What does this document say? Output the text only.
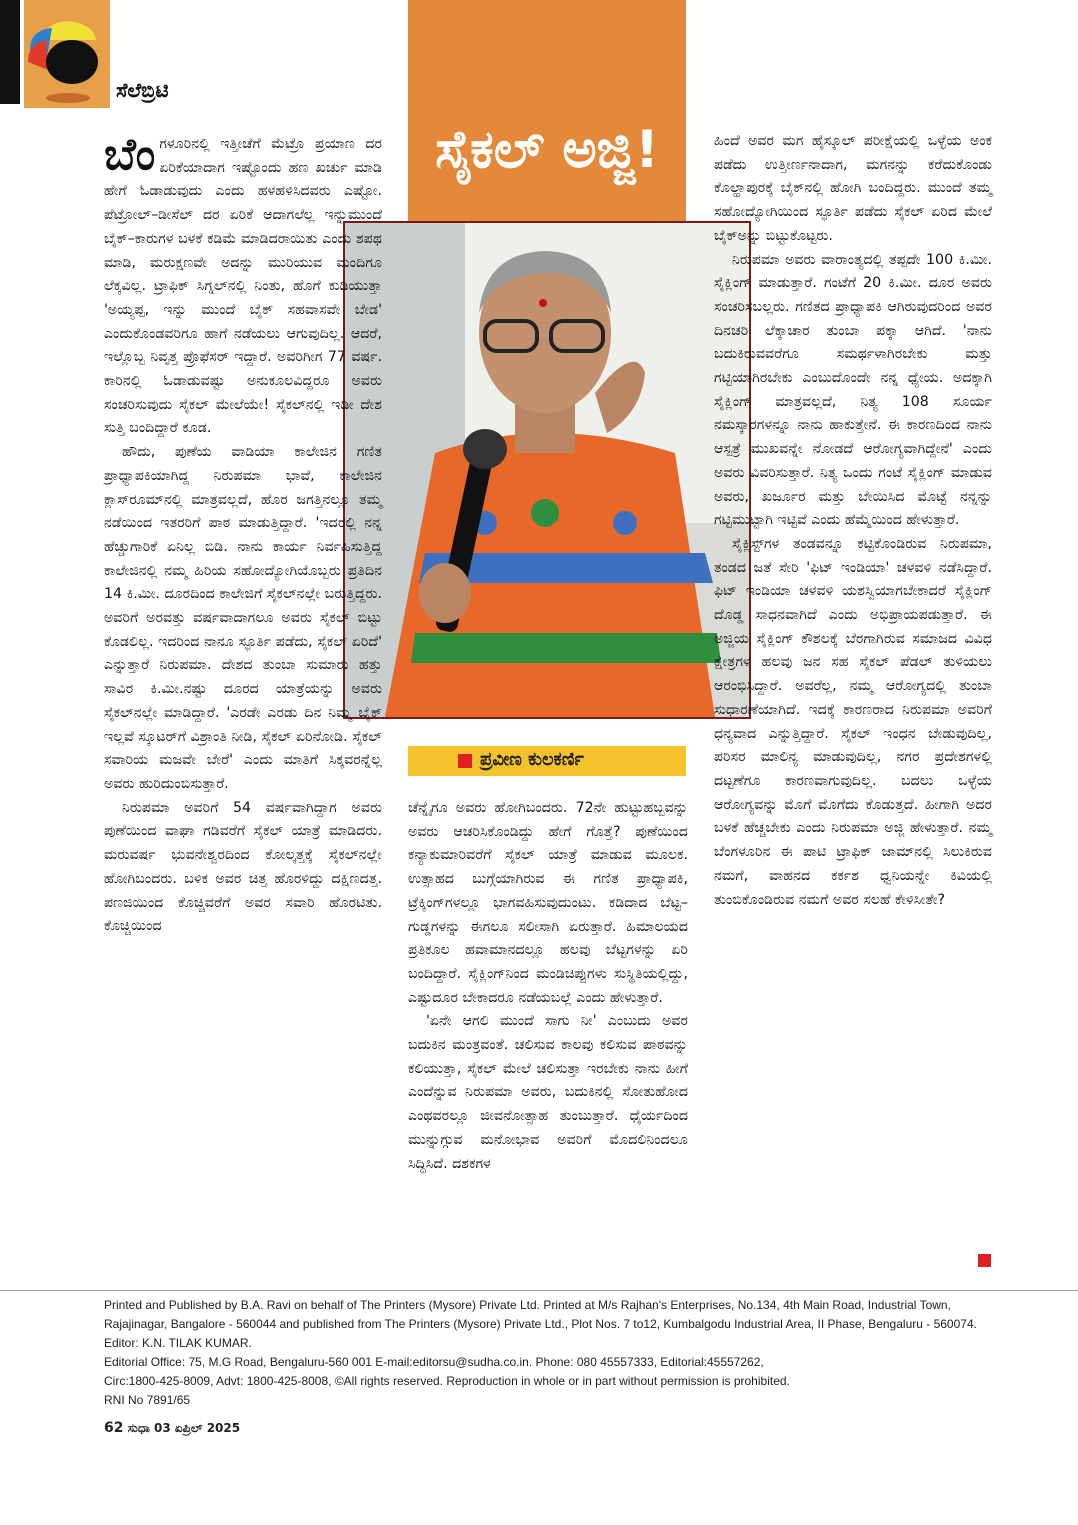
ಸೆಲೆಬ್ರಿಟಿ
ಸೈಕಲ್ ಅಜ್ಜಿ!
ಪ್ರವೀಣ ಕುಲಕರ್ಣಿ

ಬೆಂಗಳೂರಿನಲ್ಲಿ ಇತ್ತೀಚೆಗೆ ಮೆಟ್ರೊ ಪ್ರಯಾಣ ದರ ಏರಿಕೆಯಾದಾಗ ಇಷ್ಟೊಂದು ಹಣ ಖರ್ಚು ಮಾಡಿ ಹೇಗೆ ಓಡಾಡುವುದು ಎಂದು ಹಳಹಳಿಸಿದವರು ಎಷ್ಟೋ. ಪೆಟ್ರೋಲ್–ಡೀಸೆಲ್ ದರ ಏರಿಕೆ ಆದಾಗಲೆಲ್ಲ ಇನ್ನುಮುಂದೆ ಬೈಕ್–ಕಾರುಗಳ ಬಳಕೆ ಕಡಿಮೆ ಮಾಡಿದರಾಯಿತು ಎಂದು ಶಪಥ ಮಾಡಿ, ಮರುಕ್ಷಣವೇ ಅದನ್ನು ಮುರಿಯುವ ಮಂದಿಗೂ ಲೆಕ್ಕವಿಲ್ಲ. ಟ್ರಾಫಿಕ್ ಸಿಗ್ನಲ್‌ನಲ್ಲಿ ನಿಂತು, ಹೊಗೆ ಕುಡಿಯುತ್ತಾ 'ಅಯ್ಯಪ್ಪ, ಇನ್ನು ಮುಂದೆ ಬೈಕ್ ಸಹವಾಸವೇ ಬೇಡ' ಎಂದುಕೊಂಡವರಿಗೂ ಹಾಗೆ ನಡೆಯಲು ಆಗುವುದಿಲ್ಲ. ಆದರೆ, ಇಲ್ಲೊಬ್ಬ ನಿವೃತ್ತ ಪ್ರೊಫೆಸರ್ ಇದ್ದಾರೆ. ಅವರಿಗೀಗ 77 ವರ್ಷ. ಕಾರಿನಲ್ಲಿ ಓಡಾಡುವಷ್ಟು ಅನುಕೂಲವಿದ್ದರೂ ಅವರು ಸಂಚರಿಸುವುದು ಸೈಕಲ್ ಮೇಲೆಯೇ! ಸೈಕಲ್‌ನಲ್ಲಿ ಇಡೀ ದೇಶ ಸುತ್ತಿ ಬಂದಿದ್ದಾರೆ ಕೂಡ.

ಹೌದು, ಪುಣೆಯ ವಾಡಿಯಾ ಕಾಲೇಜಿನ ಗಣಿತ ಪ್ರಾಧ್ಯಾಪಕಿಯಾಗಿದ್ದ ನಿರುಪಮಾ ಭಾವೆ, ಕಾಲೇಜಿನ ಕ್ಲಾಸ್‌ರೂಮ್‌ನಲ್ಲಿ ಮಾತ್ರವಲ್ಲದೆ, ಹೊರ ಜಗತ್ತಿನಲ್ಲೂ ತಮ್ಮ ನಡೆಯಿಂದ ಇತರರಿಗೆ ಪಾಠ ಮಾಡುತ್ತಿದ್ದಾರೆ. 'ಇದರಲ್ಲಿ ನನ್ನ ಹೆಚ್ಚುಗಾರಿಕೆ ಏನಿಲ್ಲ ಬಿಡಿ. ನಾನು ಕಾರ್ಯ ನಿರ್ವಹಿಸುತ್ತಿದ್ದ ಕಾಲೇಜಿನಲ್ಲಿ ನಮ್ಮ ಹಿರಿಯ ಸಹೋದ್ಯೋಗಿಯೊಬ್ಬರು ಪ್ರತಿದಿನ 14 ಕಿ.ಮೀ. ದೂರದಿಂದ ಕಾಲೇಜಿಗೆ ಸೈಕಲ್‌ನಲ್ಲೇ ಬರುತ್ತಿದ್ದರು. ಅವರಿಗೆ ಅರವತ್ತು ವರ್ಷವಾದಾಗಲೂ ಅವರು ಸೈಕಲ್ ಬಿಟ್ಟು ಕೊಡಲಿಲ್ಲ. ಇದರಿಂದ ನಾನೂ ಸ್ಫೂರ್ತಿ ಪಡೆದು, ಸೈಕಲ್ ಏರಿದೆ' ಎನ್ನುತ್ತಾರೆ ನಿರುಪಮಾ. ದೇಶದ ತುಂಬಾ ಸುಮಾರು ಹತ್ತು ಸಾವಿರ ಕಿ.ಮೀ.ನಷ್ಟು ದೂರದ ಯಾತ್ರೆಯನ್ನು ಅವರು ಸೈಕಲ್‌ನಲ್ಲೇ ಮಾಡಿದ್ದಾರೆ. 'ಎರಡೇ ಎರಡು ದಿನ ನಿಮ್ಮ ಬೈಕ್ ಇಲ್ಲವೆ ಸ್ಕೂಟರ್‌ಗೆ ವಿಶ್ರಾಂತಿ ನೀಡಿ, ಸೈಕಲ್ ಏರಿನೋಡಿ. ಸೈಕಲ್ ಸವಾರಿಯ ಮಜವೇ ಬೇರೆ' ಎಂದು ಮಾತಿಗೆ ಸಿಕ್ಕವರನ್ನೆಲ್ಲ ಅವರು ಹುರಿದುಂಬಿಸುತ್ತಾರೆ.

ನಿರುಪಮಾ ಅವರಿಗೆ 54 ವರ್ಷವಾಗಿದ್ದಾಗ ಅವರು ಪುಣೆಯಿಂದ ವಾಘಾ ಗಡಿವರೆಗೆ ಸೈಕಲ್ ಯಾತ್ರೆ ಮಾಡಿದರು. ಮರುವರ್ಷ ಭುವನೇಶ್ವರದಿಂದ ಕೋಲ್ಕತ್ತಕ್ಕೆ ಸೈಕಲ್‌ನಲ್ಲೇ ಹೋಗಿಬಂದರು. ಬಳಿಕ ಅವರ ಚಿತ್ತ ಹೊರಳಿದ್ದು ದಕ್ಷಿಣದತ್ತ. ಪಣಜಿಯಿಂದ ಕೊಚ್ಚಿವರೆಗೆ ಅವರ ಸವಾರಿ ಹೊರಟಿತು. ಕೊಚ್ಚಿಯಿಂದ

ಚೆನ್ನೈಗೂ ಅವರು ಹೋಗಿಬಂದರು. 72ನೇ ಹುಟ್ಟುಹಬ್ಬವನ್ನು ಅವರು ಆಚರಿಸಿಕೊಂಡಿದ್ದು ಹೇಗೆ ಗೊತ್ತೆ? ಪುಣೆಯಿಂದ ಕನ್ಯಾಕುಮಾರಿವರೆಗೆ ಸೈಕಲ್ ಯಾತ್ರೆ ಮಾಡುವ ಮೂಲಕ. ಉತ್ಸಾಹದ ಬುಗ್ಗೆಯಾಗಿರುವ ಈ ಗಣಿತ ಪ್ರಾಧ್ಯಾಪಕಿ, ಟ್ರೆಕ್ಕಿಂಗ್‌ಗಳಲ್ಲೂ ಭಾಗವಹಿಸುವುದುಂಟು. ಕಡಿದಾದ ಬೆಟ್ಟ–ಗುಡ್ಡಗಳನ್ನು ಈಗಲೂ ಸಲೀಸಾಗಿ ಏರುತ್ತಾರೆ. ಹಿಮಾಲಯದ ಪ್ರತಿಕೂಲ ಹವಾಮಾನದಲ್ಲೂ ಹಲವು ಬೆಟ್ಟಗಳನ್ನು ಏರಿ ಬಂದಿದ್ದಾರೆ. ಸೈಕ್ಲಿಂಗ್‌ನಿಂದ ಮಂಡಿಚಿಪ್ಪುಗಳು ಸುಸ್ಥಿತಿಯಲ್ಲಿದ್ದು, ಎಷ್ಟುದೂರ ಬೇಕಾದರೂ ನಡೆಯಬಲ್ಲೆ ಎಂದು ಹೇಳುತ್ತಾರೆ.

'ಏನೇ ಆಗಲಿ ಮುಂದೆ ಸಾಗು ನೀ' ಎಂಬುದು ಅವರ ಬದುಕಿನ ಮಂತ್ರವಂತೆ. ಚಲಿಸುವ ಕಾಲವು ಕಲಿಸುವ ಪಾಠವನ್ನು ಕಲಿಯುತ್ತಾ, ಸೈಕಲ್ ಮೇಲೆ ಚಲಿಸುತ್ತಾ ಇರಬೇಕು ನಾನು ಹೀಗೆ ಎಂದೆನ್ನುವ ನಿರುಪಮಾ ಅವರು, ಬದುಕಿನಲ್ಲಿ ಸೋತುಹೋದ ಎಂಥವರಲ್ಲೂ ಜೀವನೋತ್ಸಾಹ ತುಂಬುತ್ತಾರೆ. ಧೈರ್ಯದಿಂದ ಮುನ್ನುಗ್ಗುವ ಮನೋಭಾವ ಅವರಿಗೆ ಮೊದಲಿನಿಂದಲೂ ಸಿದ್ಧಿಸಿದೆ. ದಶಕಗಳ

ಹಿಂದೆ ಅವರ ಮಗ ಹೈಸ್ಕೂಲ್ ಪರೀಕ್ಷೆಯಲ್ಲಿ ಒಳ್ಳೆಯ ಅಂಕ ಪಡೆದು ಉತ್ತೀರ್ಣನಾದಾಗ, ಮಗನನ್ನು ಕರೆದುಕೊಂಡು ಕೊಲ್ಹಾಪುರಕ್ಕೆ ಬೈಕ್‌ನಲ್ಲಿ ಹೋಗಿ ಬಂದಿದ್ದರು. ಮುಂದೆ ತಮ್ಮ ಸಹೋದ್ಯೋಗಿಯಿಂದ ಸ್ಫೂರ್ತಿ ಪಡೆದು ಸೈಕಲ್ ಏರಿದ ಮೇಲೆ ಬೈಕ್‌ಅನ್ನು ಬಿಟ್ಟುಕೊಟ್ಟರು.

ನಿರುಪಮಾ ಅವರು ವಾರಾಂತ್ಯದಲ್ಲಿ ತಪ್ಪದೇ 100 ಕಿ.ಮೀ. ಸೈಕ್ಲಿಂಗ್ ಮಾಡುತ್ತಾರೆ. ಗಂಟೆಗೆ 20 ಕಿ.ಮೀ. ದೂರ ಅವರು ಸಂಚರಿಸಬಲ್ಲರು. ಗಣಿತದ ಪ್ರಾಧ್ಯಾಪಕಿ ಆಗಿರುವುದರಿಂದ ಅವರ ದಿನಚರಿ ಲೆಕ್ಕಾಚಾರ ತುಂಬಾ ಪಕ್ಕಾ ಆಗಿದೆ. 'ನಾನು ಬದುಕಿರುವವರೆಗೂ ಸಮರ್ಥಳಾಗಿರಬೇಕು ಮತ್ತು ಗಟ್ಟಿಯಾಗಿರಬೇಕು ಎಂಬುದೊಂದೇ ನನ್ನ ಧ್ಯೇಯ. ಅದಕ್ಕಾಗಿ ಸೈಕ್ಲಿಂಗ್ ಮಾತ್ರವಲ್ಲದೆ, ನಿತ್ಯ 108 ಸೂರ್ಯ ನಮಸ್ಕಾರಗಳನ್ನೂ ನಾನು ಹಾಕುತ್ತೇನೆ. ಈ ಕಾರಣದಿಂದ ನಾನು ಆಸ್ಪತ್ರೆ ಮುಖವನ್ನೇ ನೋಡದೆ ಆರೋಗ್ಯವಾಗಿದ್ದೇನೆ' ಎಂದು ಅವರು ವಿವರಿಸುತ್ತಾರೆ. ನಿತ್ಯ ಒಂದು ಗಂಟೆ ಸೈಕ್ಲಿಂಗ್ ಮಾಡುವ ಅವರು, ಖರ್ಜೂರ ಮತ್ತು ಬೇಯಿಸಿದ ಮೊಟ್ಟೆ ನನ್ನನ್ನು ಗಟ್ಟಿಮುಟ್ಟಾಗಿ ಇಟ್ಟಿವೆ ಎಂದು ಹೆಮ್ಮೆಯಿಂದ ಹೇಳುತ್ತಾರೆ.

ಸೈಕ್ಲಿಸ್ಟ್‌ಗಳ ತಂಡವನ್ನೂ ಕಟ್ಟಿಕೊಂಡಿರುವ ನಿರುಪಮಾ, ತಂಡದ ಜತೆ ಸೇರಿ 'ಫಿಟ್ ಇಂಡಿಯಾ' ಚಳವಳಿ ನಡೆಸಿದ್ದಾರೆ. ಫಿಟ್ ಇಂಡಿಯಾ ಚಳವಳಿ ಯಶಸ್ವಿಯಾಗಬೇಕಾದರೆ ಸೈಕ್ಲಿಂಗ್ ದೊಡ್ಡ ಸಾಧನವಾಗಿದೆ ಎಂದು ಅಭಿಪ್ರಾಯಪಡುತ್ತಾರೆ. ಈ ಅಜ್ಜಿಯ ಸೈಕ್ಲಿಂಗ್ ಕೌಶಲಕ್ಕೆ ಬೆರಗಾಗಿರುವ ಸಮಾಜದ ವಿವಿಧ ಕ್ಷೇತ್ರಗಳ ಹಲವು ಜನ ಸಹ ಸೈಕಲ್ ಪೆಡಲ್ ತುಳಿಯಲು ಆರಂಭಿಸಿದ್ದಾರೆ. ಅವರೆಲ್ಲ, ನಮ್ಮ ಆರೋಗ್ಯದಲ್ಲಿ ತುಂಬಾ ಸುಧಾರಣೆಯಾಗಿದೆ. ಇದಕ್ಕೆ ಕಾರಣರಾದ ನಿರುಪಮಾ ಅವರಿಗೆ ಧನ್ಯವಾದ ಎನ್ನುತ್ತಿದ್ದಾರೆ. ಸೈಕಲ್ ಇಂಧನ ಬೇಡುವುದಿಲ್ಲ, ಪರಿಸರ ಮಾಲಿನ್ಯ ಮಾಡುವುದಿಲ್ಲ, ನಗರ ಪ್ರದೇಶಗಳಲ್ಲಿ ದಟ್ಟಣೆಗೂ ಕಾರಣವಾಗುವುದಿಲ್ಲ. ಬದಲು ಒಳ್ಳೆಯ ಆರೋಗ್ಯವನ್ನು ಮೊಗೆ ಮೊಗೆದು ಕೊಡುತ್ತದೆ. ಹೀಗಾಗಿ ಅದರ ಬಳಕೆ ಹೆಚ್ಚಬೇಕು ಎಂದು ನಿರುಪಮಾ ಅಜ್ಜಿ ಹೇಳುತ್ತಾರೆ. ನಮ್ಮ ಬೆಂಗಳೂರಿನ ಈ ಪಾಟಿ ಟ್ರಾಫಿಕ್ ಜಾಮ್‌ನಲ್ಲಿ ಸಿಲುಕಿರುವ ನಮಗೆ, ವಾಹನದ ಕರ್ಕಶ ಧ್ವನಿಯನ್ನೇ ಕಿವಿಯಲ್ಲಿ ತುಂಬಿಕೊಂಡಿರುವ ನಮಗೆ ಅವರ ಸಲಹೆ ಕೇಳಿಸೀತೇ?

Printed and Published by B.A. Ravi on behalf of The Printers (Mysore) Private Ltd. Printed at M/s Rajhan's Enterprises, No.134, 4th Main Road, Industrial Town, Rajajinagar, Bangalore - 560044 and published from The Printers (Mysore) Private Ltd., Plot Nos. 7 to12, Kumbalgodu Industrial Area, II Phase, Bengaluru - 560074. Editor: K.N. TILAK KUMAR.

Editorial Office: 75, M.G Road, Bengaluru-560 001 E-mail:editorsu@sudha.co.in. Phone: 080 45557333, Editorial:45557262,

Circ:1800-425-8009, Advt: 1800-425-8008, ©All rights reserved. Reproduction in whole or in part without permission is prohibited.

RNI No 7891/65

62 ಸುಧಾ 03 ಏಪ್ರಿಲ್ 2025
